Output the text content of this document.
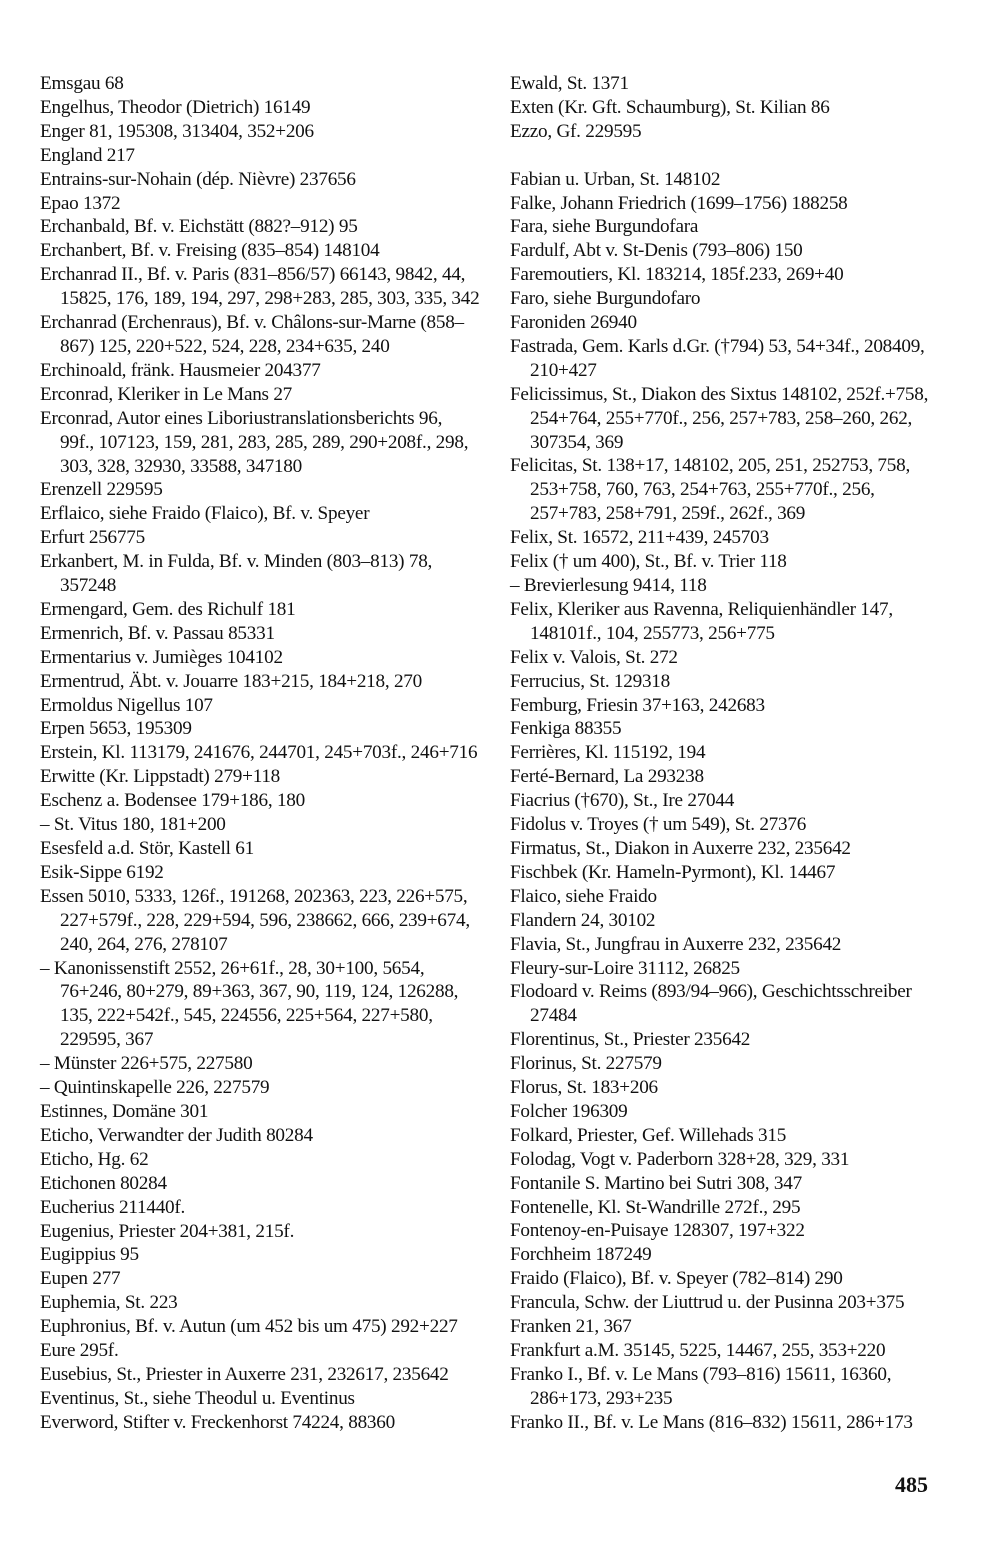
Emsgau 68
Engelhus, Theodor (Dietrich) 16149
Enger 81, 195308, 313404, 352+206
England 217
Entrains-sur-Nohain (dép. Nièvre) 237656
Epao 1372
Erchanbald, Bf. v. Eichstätt (882?–912) 95
Erchanbert, Bf. v. Freising (835–854) 148104
Erchanrad II., Bf. v. Paris (831–856/57) 66143, 9842, 44, 15825, 176, 189, 194, 297, 298+283, 285, 303, 335, 342
Erchanrad (Erchenraus), Bf. v. Châlons-sur-Marne (858–867) 125, 220+522, 524, 228, 234+635, 240
Erchinoald, fränk. Hausmeier 204377
Erconrad, Kleriker in Le Mans 27
Erconrad, Autor eines Liboriustranslationsberichts 96, 99f., 107123, 159, 281, 283, 285, 289, 290+208f., 298, 303, 328, 32930, 33588, 347180
Erenzell 229595
Erflaico, siehe Fraido (Flaico), Bf. v. Speyer
Erfurt 256775
Erkanbert, M. in Fulda, Bf. v. Minden (803–813) 78, 357248
Ermengard, Gem. des Richulf 181
Ermenrich, Bf. v. Passau 85331
Ermentarius v. Jumièges 104102
Ermentrud, Äbt. v. Jouarre 183+215, 184+218, 270
Ermoldus Nigellus 107
Erpen 5653, 195309
Erstein, Kl. 113179, 241676, 244701, 245+703f., 246+716
Erwitte (Kr. Lippstadt) 279+118
Eschenz a. Bodensee 179+186, 180
– St. Vitus 180, 181+200
Esesfeld a.d. Stör, Kastell 61
Esik-Sippe 6192
Essen 5010, 5333, 126f., 191268, 202363, 223, 226+575, 227+579f., 228, 229+594, 596, 238662, 666, 239+674, 240, 264, 276, 278107
– Kanonissenstift 2552, 26+61f., 28, 30+100, 5654, 76+246, 80+279, 89+363, 367, 90, 119, 124, 126288, 135, 222+542f., 545, 224556, 225+564, 227+580, 229595, 367
– Münster 226+575, 227580
– Quintinskapelle 226, 227579
Estinnes, Domäne 301
Eticho, Verwandter der Judith 80284
Eticho, Hg. 62
Etichonen 80284
Eucherius 211440f.
Eugenius, Priester 204+381, 215f.
Eugippius 95
Eupen 277
Euphemia, St. 223
Euphronius, Bf. v. Autun (um 452 bis um 475) 292+227
Eure 295f.
Eusebius, St., Priester in Auxerre 231, 232617, 235642
Eventinus, St., siehe Theodul u. Eventinus
Everword, Stifter v. Freckenhorst 74224, 88360
Ewald, St. 1371
Exten (Kr. Gft. Schaumburg), St. Kilian 86
Ezzo, Gf. 229595
Fabian u. Urban, St. 148102
Falke, Johann Friedrich (1699–1756) 188258
Fara, siehe Burgundofara
Fardulf, Abt v. St-Denis (793–806) 150
Faremoutiers, Kl. 183214, 185f.233, 269+40
Faro, siehe Burgundofaro
Faroniden 26940
Fastrada, Gem. Karls d.Gr. (†794) 53, 54+34f., 208409, 210+427
Felicissimus, St., Diakon des Sixtus 148102, 252f.+758, 254+764, 255+770f., 256, 257+783, 258–260, 262, 307354, 369
Felicitas, St. 138+17, 148102, 205, 251, 252753, 758, 253+758, 760, 763, 254+763, 255+770f., 256, 257+783, 258+791, 259f., 262f., 369
Felix, St. 16572, 211+439, 245703
Felix († um 400), St., Bf. v. Trier 118
– Brevierlesung 9414, 118
Felix, Kleriker aus Ravenna, Reliquienhändler 147, 148101f., 104, 255773, 256+775
Felix v. Valois, St. 272
Ferrucius, St. 129318
Femburg, Friesin 37+163, 242683
Fenkiga 88355
Ferrières, Kl. 115192, 194
Ferté-Bernard, La 293238
Fiacrius (†670), St., Ire 27044
Fidolus v. Troyes († um 549), St. 27376
Firmatus, St., Diakon in Auxerre 232, 235642
Fischbek (Kr. Hameln-Pyrmont), Kl. 14467
Flaico, siehe Fraido
Flandern 24, 30102
Flavia, St., Jungfrau in Auxerre 232, 235642
Fleury-sur-Loire 31112, 26825
Flodoard v. Reims (893/94–966), Geschichtsschreiber 27484
Florentinus, St., Priester 235642
Florinus, St. 227579
Florus, St. 183+206
Folcher 196309
Folkard, Priester, Gef. Willehads 315
Folodag, Vogt v. Paderborn 328+28, 329, 331
Fontanile S. Martino bei Sutri 308, 347
Fontenelle, Kl. St-Wandrille 272f., 295
Fontenoy-en-Puisaye 128307, 197+322
Forchheim 187249
Fraido (Flaico), Bf. v. Speyer (782–814) 290
Francula, Schw. der Liuttrud u. der Pusinna 203+375
Franken 21, 367
Frankfurt a.M. 35145, 5225, 14467, 255, 353+220
Franko I., Bf. v. Le Mans (793–816) 15611, 16360, 286+173, 293+235
Franko II., Bf. v. Le Mans (816–832) 15611, 286+173
485
